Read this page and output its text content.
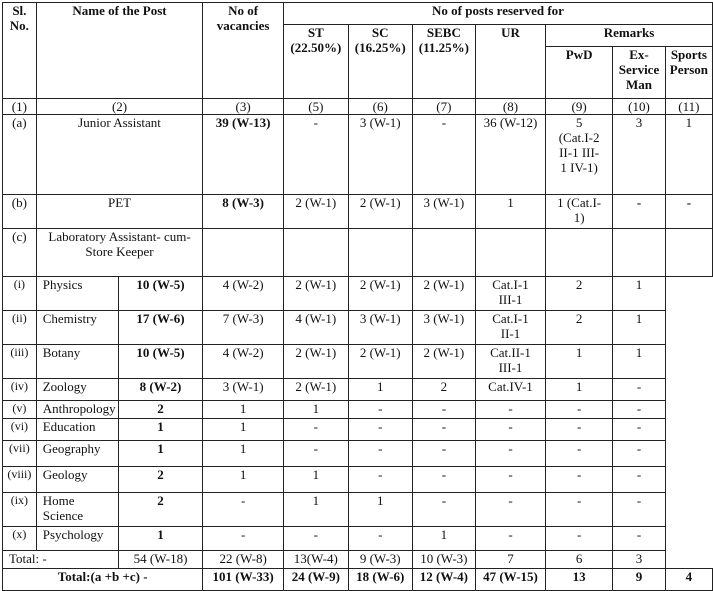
Sl. No.	Name of the Post		No of vacancies	No of posts reserved for						
				ST (22.50%)	SC (16.25%)	SEBC (11.25%)	UR	Remarks		
								PwD	Ex-Service Man	Sports Person
(1)	(2)		(3)	(5)	(6)	(7)	(8)	(9)	(10)	(11)
(a)	Junior Assistant		39 (W-13)	-	3 (W-1)	-	36 (W-12)	5 (Cat.I-2 II-1 III-1 IV-1)	3	1
(b)	PET		8 (W-3)	2 (W-1)	2 (W-1)	3 (W-1)	1	1 (Cat.I-1)	-	-
(c)	Laboratory Assistant- cum-Store Keeper									
(i)	Physics	10 (W-5)	4 (W-2)	2 (W-1)	2 (W-1)	2 (W-1)	Cat.I-1 III-1	2	1	
(ii)	Chemistry	17 (W-6)	7 (W-3)	4 (W-1)	3 (W-1)	3 (W-1)	Cat.I-1 II-1	2	1	
(iii)	Botany	10 (W-5)	4 (W-2)	2 (W-1)	2 (W-1)	2 (W-1)	Cat.II-1 III-1	1	1	
(iv)	Zoology	8 (W-2)	3 (W-1)	2 (W-1)	1	2	Cat.IV-1	1	-	
(v)	Anthropology	2	1	1	-	-	-	-	-	
(vi)	Education	1	1	-	-	-	-	-	-	
(vii)	Geography	1	1	-	-	-	-	-	-	
(viii)	Geology	2	1	1	-	-	-	-	-	
(ix)	Home Science	2	-	1	1	-	-	-	-	
(x)	Psychology	1	-	-	-	1	-	-	-	
Total: -		54 (W-18)	22 (W-8)	13(W-4)	9 (W-3)	10 (W-3)	7	6	3	
Total:(a +b +c) -			101 (W-33)	24 (W-9)	18 (W-6)	12 (W-4)	47 (W-15)	13	9	4
